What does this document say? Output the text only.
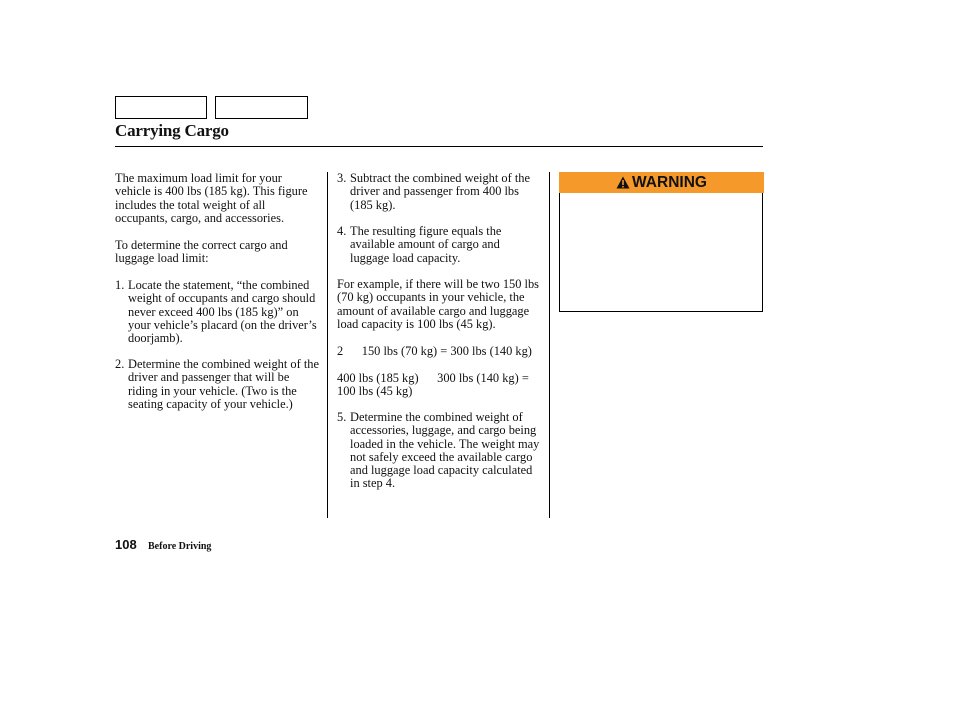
Carrying Cargo

The maximum load limit for your vehicle is 400 lbs (185 kg). This figure includes the total weight of all occupants, cargo, and accessories.

To determine the correct cargo and luggage load limit:

1. Locate the statement, “the combined weight of occupants and cargo should never exceed 400 lbs (185 kg)” on your vehicle’s placard (on the driver’s doorjamb).
2. Determine the combined weight of the driver and passenger that will be riding in your vehicle. (Two is the seating capacity of your vehicle.)
3. Subtract the combined weight of the driver and passenger from 400 lbs (185 kg).
4. The resulting figure equals the available amount of cargo and luggage load capacity.

For example, if there will be two 150 lbs (70 kg) occupants in your vehicle, the amount of available cargo and luggage load capacity is 100 lbs (45 kg).

2      150 lbs (70 kg) = 300 lbs (140 kg)

400 lbs (185 kg)      300 lbs (140 kg) = 100 lbs (45 kg)

5. Determine the combined weight of accessories, luggage, and cargo being loaded in the vehicle. The weight may not safely exceed the available cargo and luggage load capacity calculated in step 4.
WARNING
108 Before Driving
